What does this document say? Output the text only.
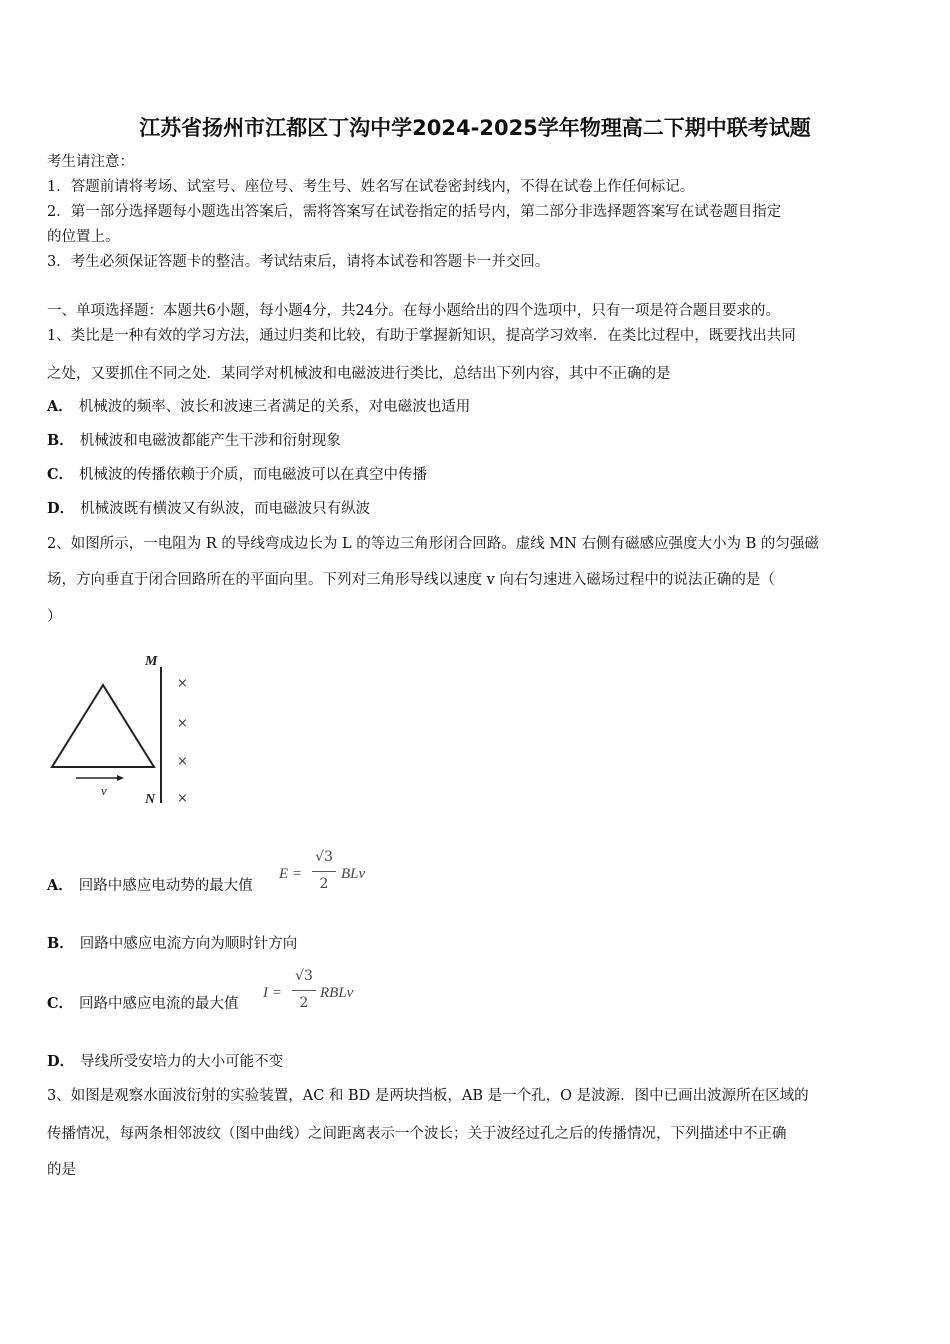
江苏省扬州市江都区丁沟中学2024-2025学年物理高二下期中联考试题
考生请注意：
1．答题前请将考场、试室号、座位号、考生号、姓名写在试卷密封线内，不得在试卷上作任何标记。
2．第一部分选择题每小题选出答案后，需将答案写在试卷指定的括号内，第二部分非选择题答案写在试卷题目指定
的位置上。
3．考生必须保证答题卡的整洁。考试结束后，请将本试卷和答题卡一并交回。
一、单项选择题：本题共6小题，每小题4分，共24分。在每小题给出的四个选项中，只有一项是符合题目要求的。
1、类比是一种有效的学习方法，通过归类和比较，有助于掌握新知识，提高学习效率．在类比过程中，既要找出共同
之处，又要抓住不同之处．某同学对机械波和电磁波进行类比，总结出下列内容，其中不正确的是
A． 机械波的频率、波长和波速三者满足的关系，对电磁波也适用
B． 机械波和电磁波都能产生干涉和衍射现象
C． 机械波的传播依赖于介质，而电磁波可以在真空中传播
D． 机械波既有横波又有纵波，而电磁波只有纵波
2、如图所示，一电阻为 R 的导线弯成边长为 L 的等边三角形闭合回路。虚线 MN 右侧有磁感应强度大小为 B 的匀强磁
场，方向垂直于闭合回路所在的平面向里。下列对三角形导线以速度 v 向右匀速进入磁场过程中的说法正确的是（
）
M
N
×
×
×
×
v
A． 回路中感应电动势的最大值
E =
√3
2
BLv
B． 回路中感应电流方向为顺时针方向
C． 回路中感应电流的最大值
I =
√3
2
RBLv
D． 导线所受安培力的大小可能不变
3、如图是观察水面波衍射的实验装置，AC 和 BD 是两块挡板，AB 是一个孔，O 是波源．图中已画出波源所在区域的
传播情况，每两条相邻波纹（图中曲线）之间距离表示一个波长；关于波经过孔之后的传播情况，下列描述中不正确
的是
